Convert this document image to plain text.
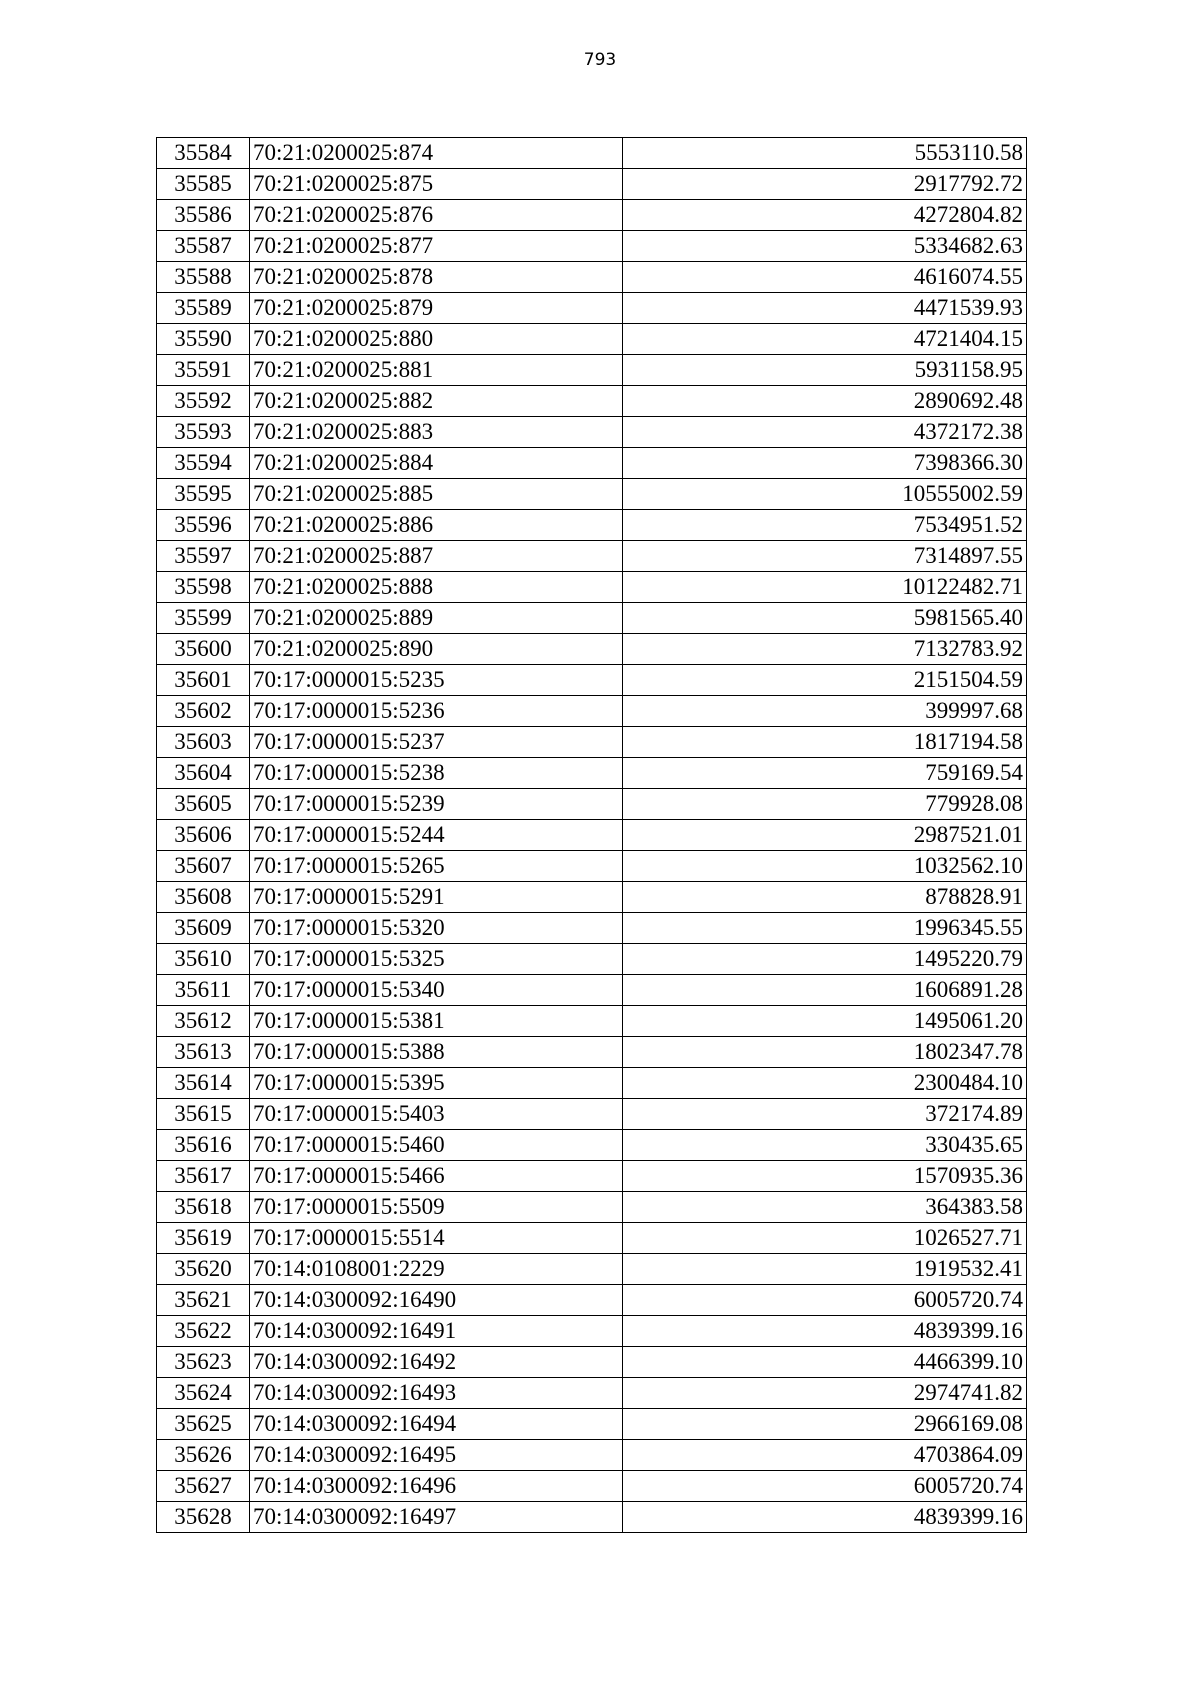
793
35584	70:21:0200025:874	5553110.58
35585	70:21:0200025:875	2917792.72
35586	70:21:0200025:876	4272804.82
35587	70:21:0200025:877	5334682.63
35588	70:21:0200025:878	4616074.55
35589	70:21:0200025:879	4471539.93
35590	70:21:0200025:880	4721404.15
35591	70:21:0200025:881	5931158.95
35592	70:21:0200025:882	2890692.48
35593	70:21:0200025:883	4372172.38
35594	70:21:0200025:884	7398366.30
35595	70:21:0200025:885	10555002.59
35596	70:21:0200025:886	7534951.52
35597	70:21:0200025:887	7314897.55
35598	70:21:0200025:888	10122482.71
35599	70:21:0200025:889	5981565.40
35600	70:21:0200025:890	7132783.92
35601	70:17:0000015:5235	2151504.59
35602	70:17:0000015:5236	399997.68
35603	70:17:0000015:5237	1817194.58
35604	70:17:0000015:5238	759169.54
35605	70:17:0000015:5239	779928.08
35606	70:17:0000015:5244	2987521.01
35607	70:17:0000015:5265	1032562.10
35608	70:17:0000015:5291	878828.91
35609	70:17:0000015:5320	1996345.55
35610	70:17:0000015:5325	1495220.79
35611	70:17:0000015:5340	1606891.28
35612	70:17:0000015:5381	1495061.20
35613	70:17:0000015:5388	1802347.78
35614	70:17:0000015:5395	2300484.10
35615	70:17:0000015:5403	372174.89
35616	70:17:0000015:5460	330435.65
35617	70:17:0000015:5466	1570935.36
35618	70:17:0000015:5509	364383.58
35619	70:17:0000015:5514	1026527.71
35620	70:14:0108001:2229	1919532.41
35621	70:14:0300092:16490	6005720.74
35622	70:14:0300092:16491	4839399.16
35623	70:14:0300092:16492	4466399.10
35624	70:14:0300092:16493	2974741.82
35625	70:14:0300092:16494	2966169.08
35626	70:14:0300092:16495	4703864.09
35627	70:14:0300092:16496	6005720.74
35628	70:14:0300092:16497	4839399.16
